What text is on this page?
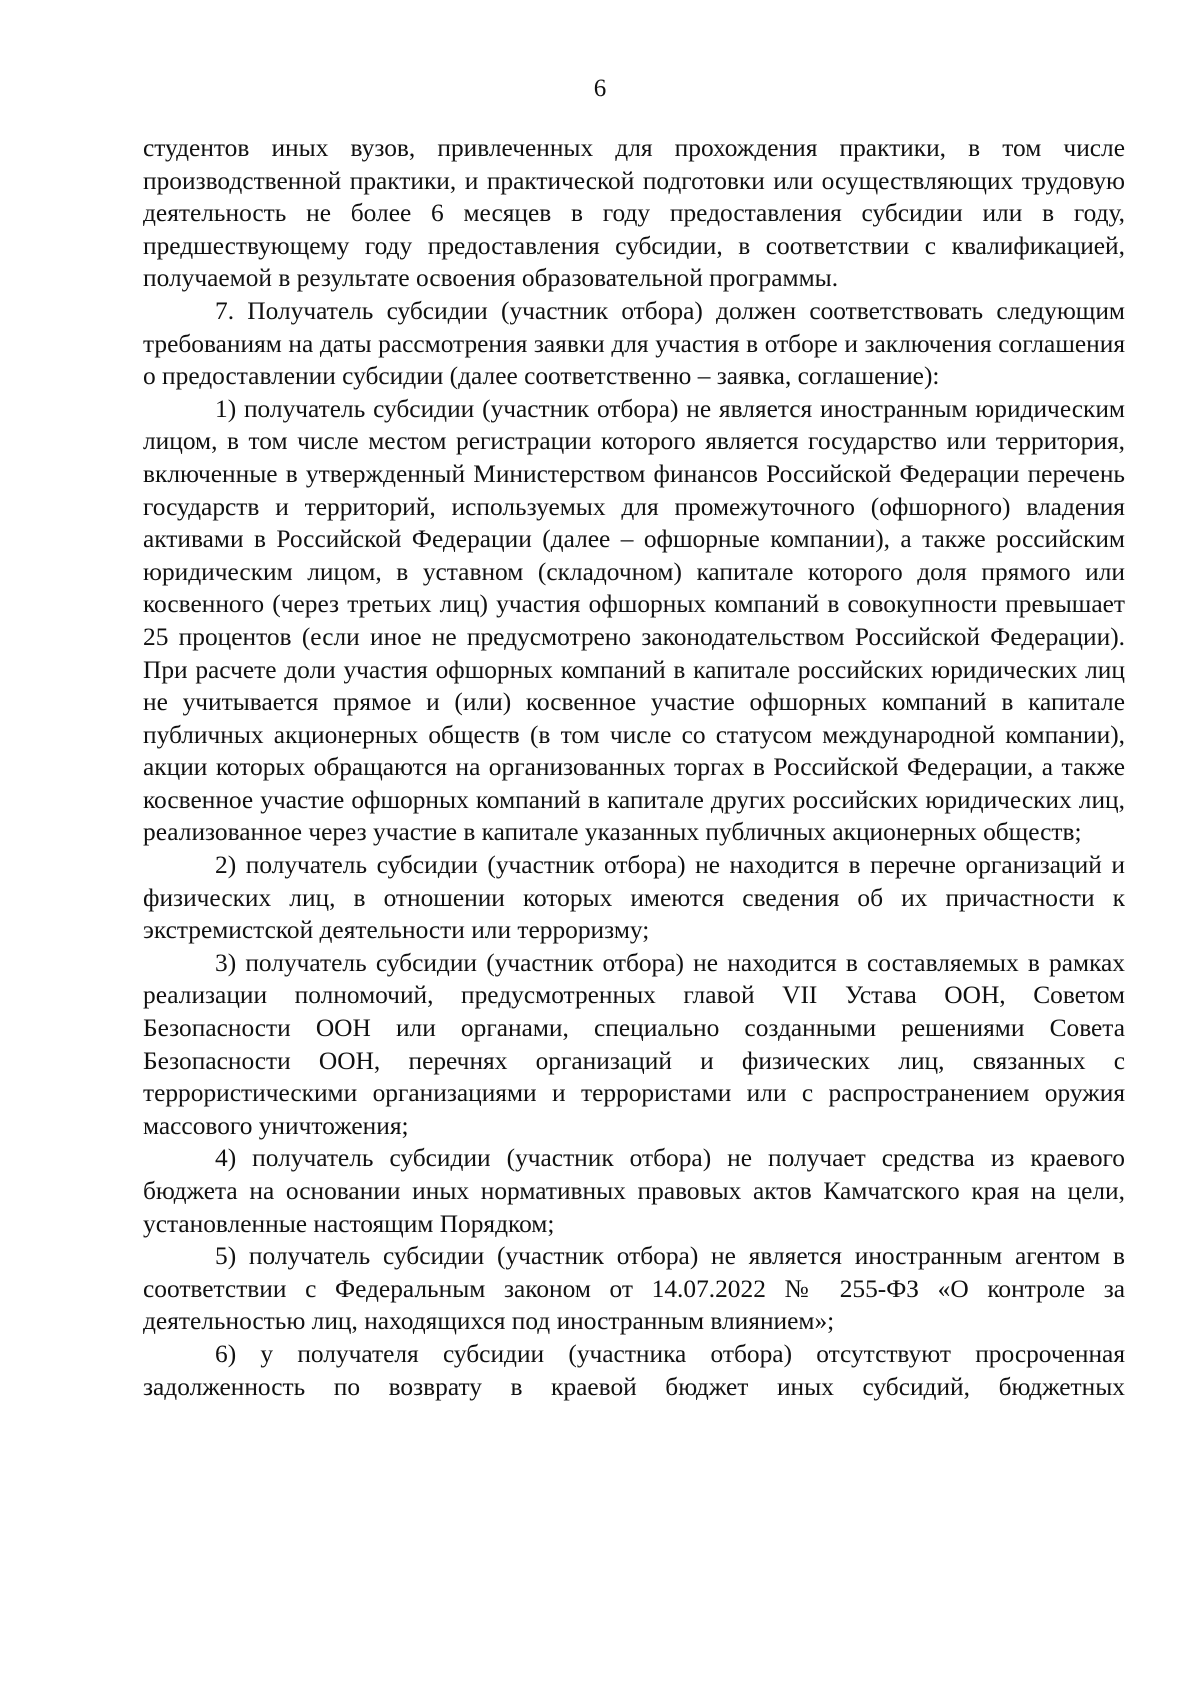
6

студентов иных вузов, привлеченных для прохождения практики, в том числе производственной практики, и практической подготовки или осуществляющих трудовую деятельность не более 6 месяцев в году предоставления субсидии или в году, предшествующему году предоставления субсидии, в соответствии с квалификацией, получаемой в результате освоения образовательной программы.

7. Получатель субсидии (участник отбора) должен соответствовать следующим требованиям на даты рассмотрения заявки для участия в отборе и заключения соглашения о предоставлении субсидии (далее соответственно – заявка, соглашение):

1) получатель субсидии (участник отбора) не является иностранным юридическим лицом, в том числе местом регистрации которого является государство или территория, включенные в утвержденный Министерством финансов Российской Федерации перечень государств и территорий, используемых для промежуточного (офшорного) владения активами в Российской Федерации (далее – офшорные компании), а также российским юридическим лицом, в уставном (складочном) капитале которого доля прямого или косвенного (через третьих лиц) участия офшорных компаний в совокупности превышает 25 процентов (если иное не предусмотрено законодательством Российской Федерации). При расчете доли участия офшорных компаний в капитале российских юридических лиц не учитывается прямое и (или) косвенное участие офшорных компаний в капитале публичных акционерных обществ (в том числе со статусом международной компании), акции которых обращаются на организованных торгах в Российской Федерации, а также косвенное участие офшорных компаний в капитале других российских юридических лиц, реализованное через участие в капитале указанных публичных акционерных обществ;

2) получатель субсидии (участник отбора) не находится в перечне организаций и физических лиц, в отношении которых имеются сведения об их причастности к экстремистской деятельности или терроризму;

3) получатель субсидии (участник отбора) не находится в составляемых в рамках реализации полномочий, предусмотренных главой VII Устава ООН, Советом Безопасности ООН или органами, специально созданными решениями Совета Безопасности ООН, перечнях организаций и физических лиц, связанных с террористическими организациями и террористами или с распространением оружия массового уничтожения;

4) получатель субсидии (участник отбора) не получает средства из краевого бюджета на основании иных нормативных правовых актов Камчатского края на цели, установленные настоящим Порядком;

5) получатель субсидии (участник отбора) не является иностранным агентом в соответствии с Федеральным законом от 14.07.2022 № 255-ФЗ «О контроле за деятельностью лиц, находящихся под иностранным влиянием»;

6) у получателя субсидии (участника отбора) отсутствуют просроченная задолженность по возврату в краевой бюджет иных субсидий, бюджетных
